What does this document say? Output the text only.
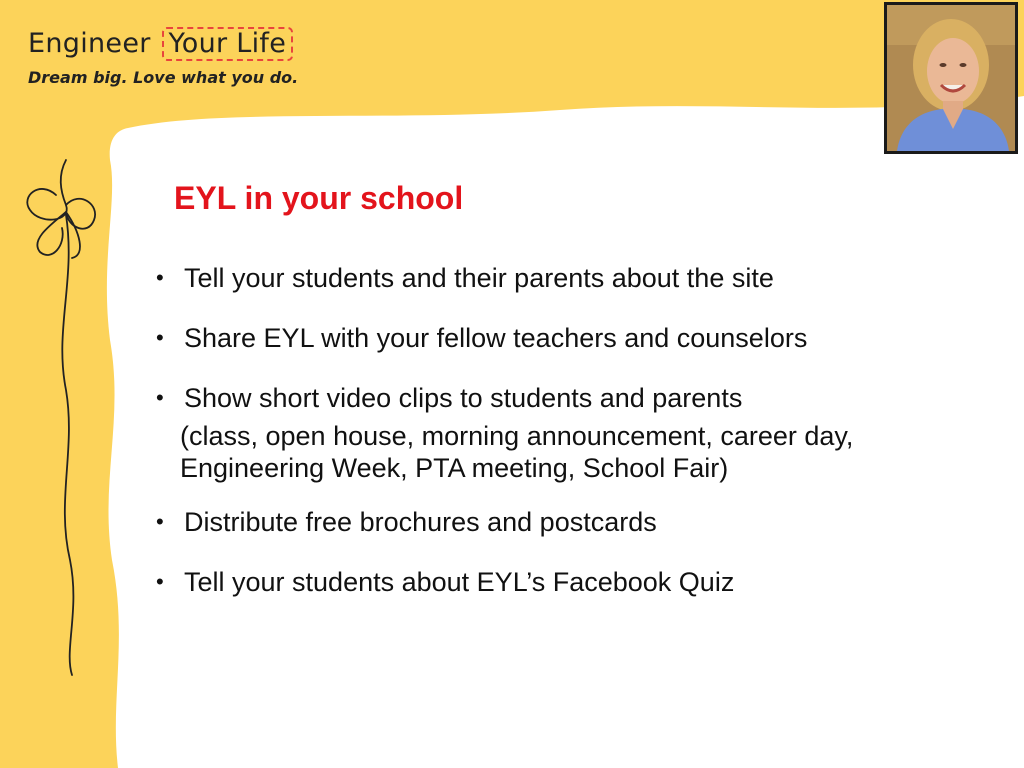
Engineer Your Life
Dream big. Love what you do.
EYL in your school
• Tell your students and their parents about the site
• Share EYL with your fellow teachers and counselors
• Show short video clips to students and parents
(class, open house, morning announcement, career day, Engineering Week, PTA meeting, School Fair)
• Distribute free brochures and postcards
• Tell your students about EYL’s Facebook Quiz
